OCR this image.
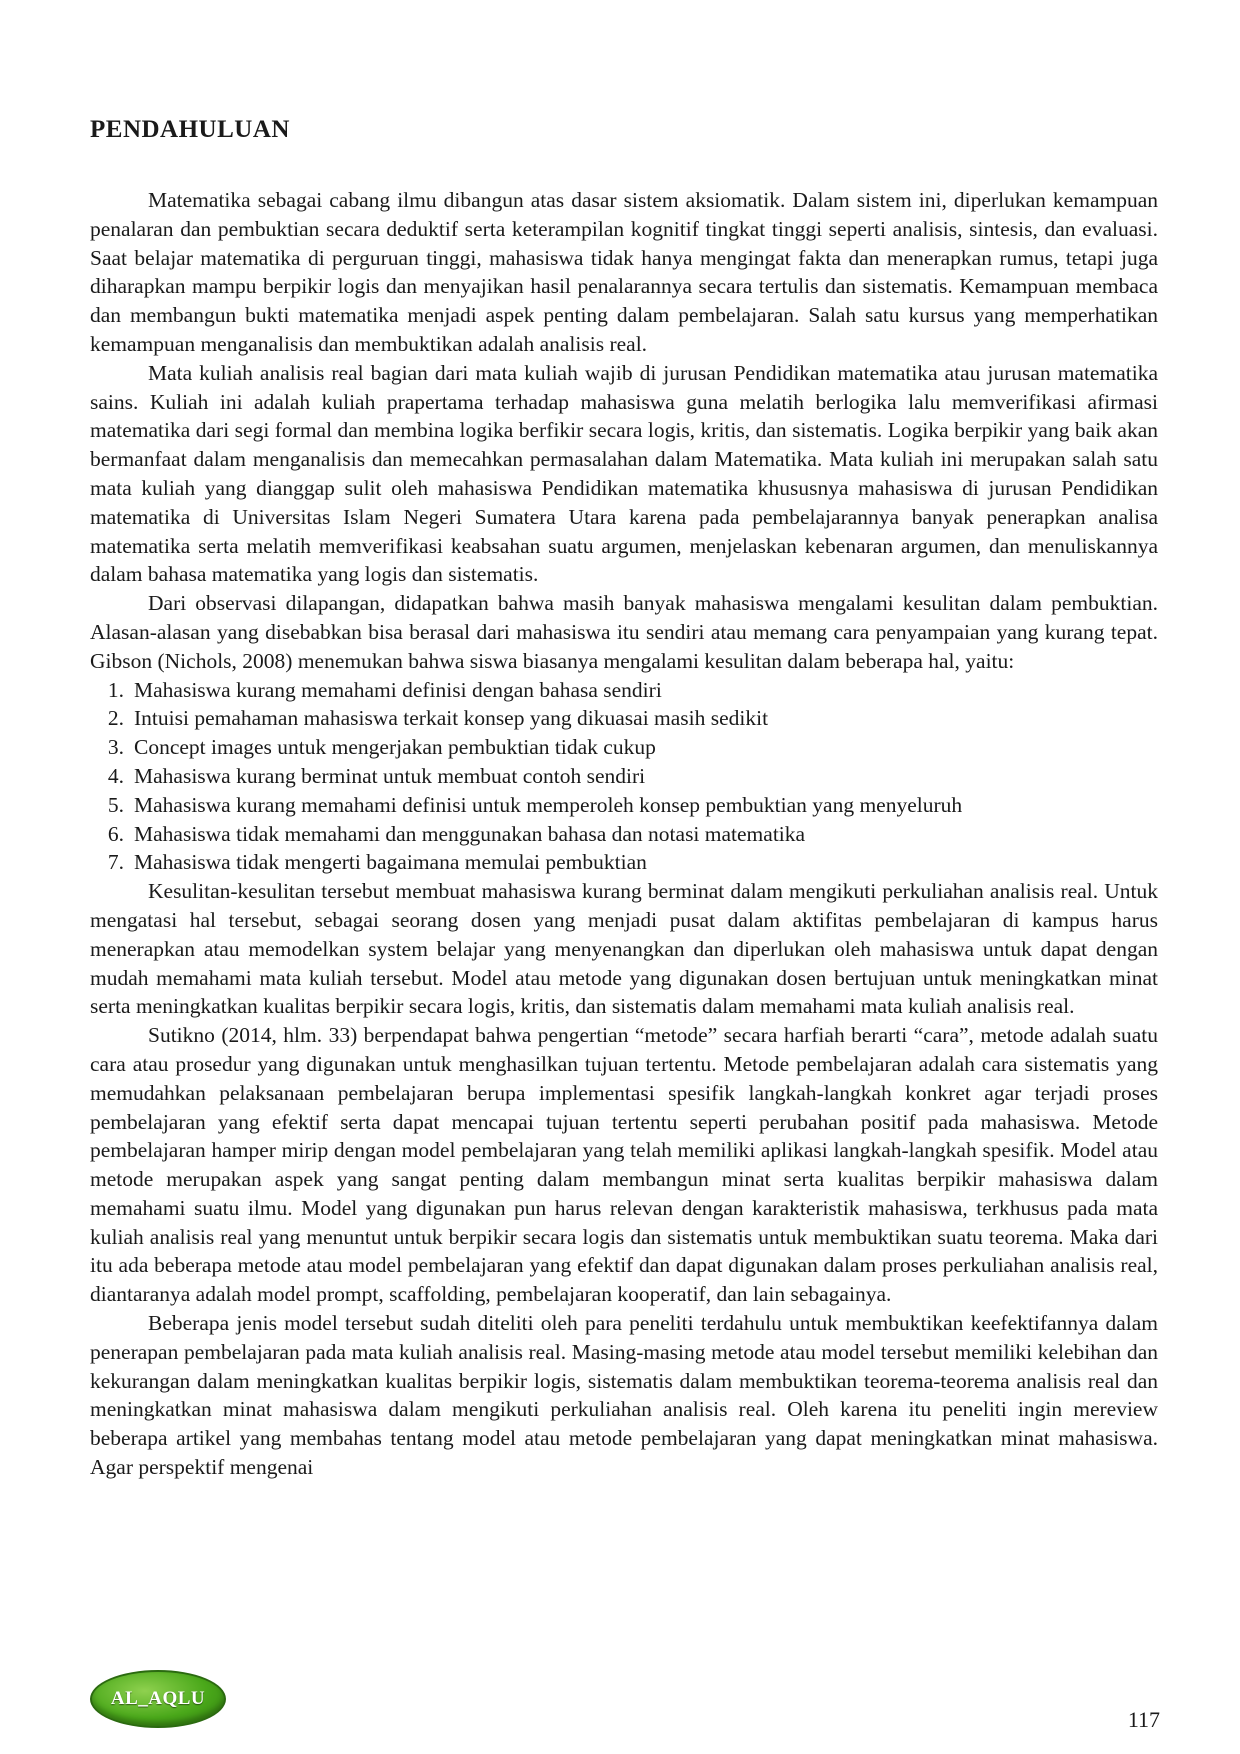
PENDAHULUAN

Matematika sebagai cabang ilmu dibangun atas dasar sistem aksiomatik. Dalam sistem ini, diperlukan kemampuan penalaran dan pembuktian secara deduktif serta keterampilan kognitif tingkat tinggi seperti analisis, sintesis, dan evaluasi. Saat belajar matematika di perguruan tinggi, mahasiswa tidak hanya mengingat fakta dan menerapkan rumus, tetapi juga diharapkan mampu berpikir logis dan menyajikan hasil penalarannya secara tertulis dan sistematis. Kemampuan membaca dan membangun bukti matematika menjadi aspek penting dalam pembelajaran. Salah satu kursus yang memperhatikan kemampuan menganalisis dan membuktikan adalah analisis real.

Mata kuliah analisis real bagian dari mata kuliah wajib di jurusan Pendidikan matematika atau jurusan matematika sains. Kuliah ini adalah kuliah prapertama terhadap mahasiswa guna melatih berlogika lalu memverifikasi afirmasi matematika dari segi formal dan membina logika berfikir secara logis, kritis, dan sistematis. Logika berpikir yang baik akan bermanfaat dalam menganalisis dan memecahkan permasalahan dalam Matematika. Mata kuliah ini merupakan salah satu mata kuliah yang dianggap sulit oleh mahasiswa Pendidikan matematika khususnya mahasiswa di jurusan Pendidikan matematika di Universitas Islam Negeri Sumatera Utara karena pada pembelajarannya banyak penerapkan analisa matematika serta melatih memverifikasi keabsahan suatu argumen, menjelaskan kebenaran argumen, dan menuliskannya dalam bahasa matematika yang logis dan sistematis.

Dari observasi dilapangan, didapatkan bahwa masih banyak mahasiswa mengalami kesulitan dalam pembuktian. Alasan-alasan yang disebabkan bisa berasal dari mahasiswa itu sendiri atau memang cara penyampaian yang kurang tepat. Gibson (Nichols, 2008) menemukan bahwa siswa biasanya mengalami kesulitan dalam beberapa hal, yaitu:

1. Mahasiswa kurang memahami definisi dengan bahasa sendiri
2. Intuisi pemahaman mahasiswa terkait konsep yang dikuasai masih sedikit
3. Concept images untuk mengerjakan pembuktian tidak cukup
4. Mahasiswa kurang berminat untuk membuat contoh sendiri
5. Mahasiswa kurang memahami definisi untuk memperoleh konsep pembuktian yang menyeluruh
6. Mahasiswa tidak memahami dan menggunakan bahasa dan notasi matematika
7. Mahasiswa tidak mengerti bagaimana memulai pembuktian

Kesulitan-kesulitan tersebut membuat mahasiswa kurang berminat dalam mengikuti perkuliahan analisis real. Untuk mengatasi hal tersebut, sebagai seorang dosen yang menjadi pusat dalam aktifitas pembelajaran di kampus harus menerapkan atau memodelkan system belajar yang menyenangkan dan diperlukan oleh mahasiswa untuk dapat dengan mudah memahami mata kuliah tersebut. Model atau metode yang digunakan dosen bertujuan untuk meningkatkan minat serta meningkatkan kualitas berpikir secara logis, kritis, dan sistematis dalam memahami mata kuliah analisis real.

Sutikno (2014, hlm. 33) berpendapat bahwa pengertian “metode” secara harfiah berarti “cara”, metode adalah suatu cara atau prosedur yang digunakan untuk menghasilkan tujuan tertentu. Metode pembelajaran adalah cara sistematis yang memudahkan pelaksanaan pembelajaran berupa implementasi spesifik langkah-langkah konkret agar terjadi proses pembelajaran yang efektif serta dapat mencapai tujuan tertentu seperti perubahan positif pada mahasiswa. Metode pembelajaran hamper mirip dengan model pembelajaran yang telah memiliki aplikasi langkah-langkah spesifik. Model atau metode merupakan aspek yang sangat penting dalam membangun minat serta kualitas berpikir mahasiswa dalam memahami suatu ilmu. Model yang digunakan pun harus relevan dengan karakteristik mahasiswa, terkhusus pada mata kuliah analisis real yang menuntut untuk berpikir secara logis dan sistematis untuk membuktikan suatu teorema. Maka dari itu ada beberapa metode atau model pembelajaran yang efektif dan dapat digunakan dalam proses perkuliahan analisis real, diantaranya adalah model prompt, scaffolding, pembelajaran kooperatif, dan lain sebagainya.

Beberapa jenis model tersebut sudah diteliti oleh para peneliti terdahulu untuk membuktikan keefektifannya dalam penerapan pembelajaran pada mata kuliah analisis real. Masing-masing metode atau model tersebut memiliki kelebihan dan kekurangan dalam meningkatkan kualitas berpikir logis, sistematis dalam membuktikan teorema-teorema analisis real dan meningkatkan minat mahasiswa dalam mengikuti perkuliahan analisis real. Oleh karena itu peneliti ingin mereview beberapa artikel yang membahas tentang model atau metode pembelajaran yang dapat meningkatkan minat mahasiswa. Agar perspektif mengenai

AL_AQLU
117
